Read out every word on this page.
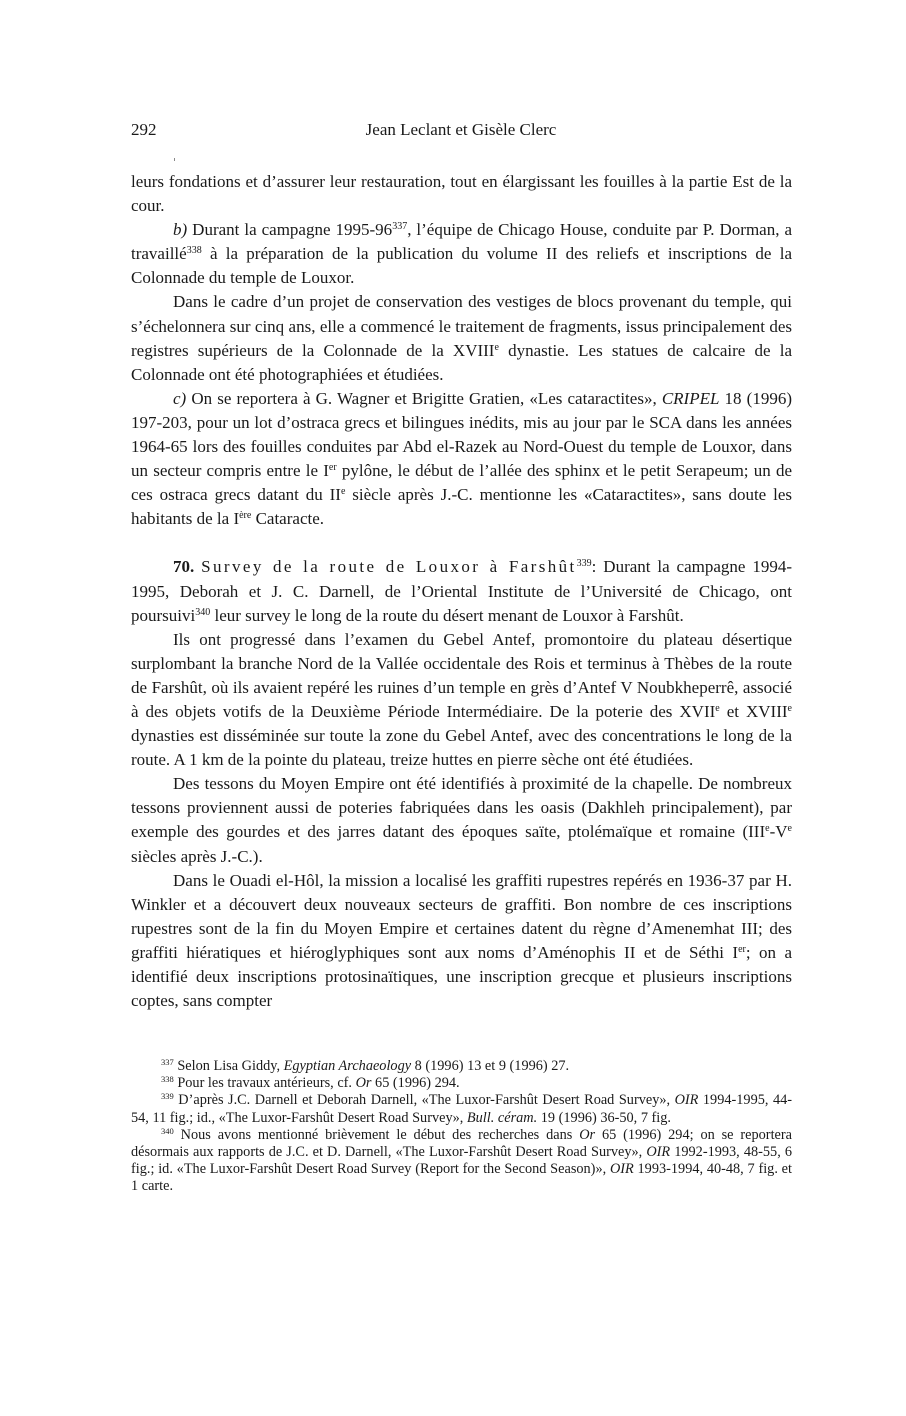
292	Jean Leclant et Gisèle Clerc

leurs fondations et d’assurer leur restauration, tout en élargissant les fouilles à la partie Est de la cour.

b) Durant la campagne $1995-96^{337}$, l’équipe de Chicago House, conduite par P. Dorman, a travaillé$^{338}$ à la préparation de la publication du volume II des reliefs et inscriptions de la Colonnade du temple de Louxor.

Dans le cadre d’un projet de conservation des vestiges de blocs provenant du temple, qui s’échelonnera sur cinq ans, elle a commencé le traitement de fragments, issus principalement des registres supérieurs de la Colonnade de la XVIIIe dynastie. Les statues de calcaire de la Colonnade ont été photographiées et étudiées.

c) On se reportera à G. Wagner et Brigitte Gratien, «Les cataractites», CRIPEL 18 (1996) 197-203, pour un lot d’ostraca grecs et bilingues inédits, mis au jour par le SCA dans les années 1964-65 lors des fouilles conduites par Abd el-Razek au Nord-Ouest du temple de Louxor, dans un secteur compris entre le Ier pylône, le début de l’allée des sphinx et le petit Serapeum; un de ces ostraca grecs datant du IIe siècle après J.-C. mentionne les «Cataractites», sans doute les habitants de la Ière Cataracte.

70. Survey de la route de Louxor à Farshût$^{339}$: Durant la campagne 1994-1995, Deborah et J. C. Darnell, de l’Oriental Institute de l’Université de Chicago, ont poursuivi$^{340}$ leur survey le long de la route du désert menant de Louxor à Farshût.

Ils ont progressé dans l’examen du Gebel Antef, promontoire du plateau désertique surplombant la branche Nord de la Vallée occidentale des Rois et terminus à Thèbes de la route de Farshût, où ils avaient repéré les ruines d’un temple en grès d’Antef V Noubkheperrê, associé à des objets votifs de la Deuxième Période Intermédiaire. De la poterie des XVIIe et XVIIIe dynasties est disséminée sur toute la zone du Gebel Antef, avec des concentrations le long de la route. A 1 km de la pointe du plateau, treize huttes en pierre sèche ont été étudiées.

Des tessons du Moyen Empire ont été identifiés à proximité de la chapelle. De nombreux tessons proviennent aussi de poteries fabriquées dans les oasis (Dakhleh principalement), par exemple des gourdes et des jarres datant des époques saïte, ptolémaïque et romaine (IIIe-Ve siècles après J.-C.).

Dans le Ouadi el-Hôl, la mission a localisé les graffiti rupestres repérés en 1936-37 par H. Winkler et a découvert deux nouveaux secteurs de graffiti. Bon nombre de ces inscriptions rupestres sont de la fin du Moyen Empire et certaines datent du règne d’Amenemhat III; des graffiti hiératiques et hiéroglyphiques sont aux noms d’Aménophis II et de Séthi Ier; on a identifié deux inscriptions protosinaïtiques, une inscription grecque et plusieurs inscriptions coptes, sans compter

$^{337}$ Selon Lisa Giddy, Egyptian Archaeology 8 (1996) 13 et 9 (1996) 27.

$^{338}$ Pour les travaux antérieurs, cf. Or 65 (1996) 294.

$^{339}$ D’après J.C. Darnell et Deborah Darnell, «The Luxor-Farshût Desert Road Survey», OIR 1994-1995, 44-54, 11 fig.; id., «The Luxor-Farshût Desert Road Survey», Bull. céram. 19 (1996) 36-50, 7 fig.

$^{340}$ Nous avons mentionné brièvement le début des recherches dans Or 65 (1996) 294; on se reportera désormais aux rapports de J.C. et D. Darnell, «The Luxor-Farshût Desert Road Survey», OIR 1992-1993, 48-55, 6 fig.; id. «The Luxor-Farshût Desert Road Survey (Report for the Second Season)», OIR 1993-1994, 40-48, 7 fig. et 1 carte.
